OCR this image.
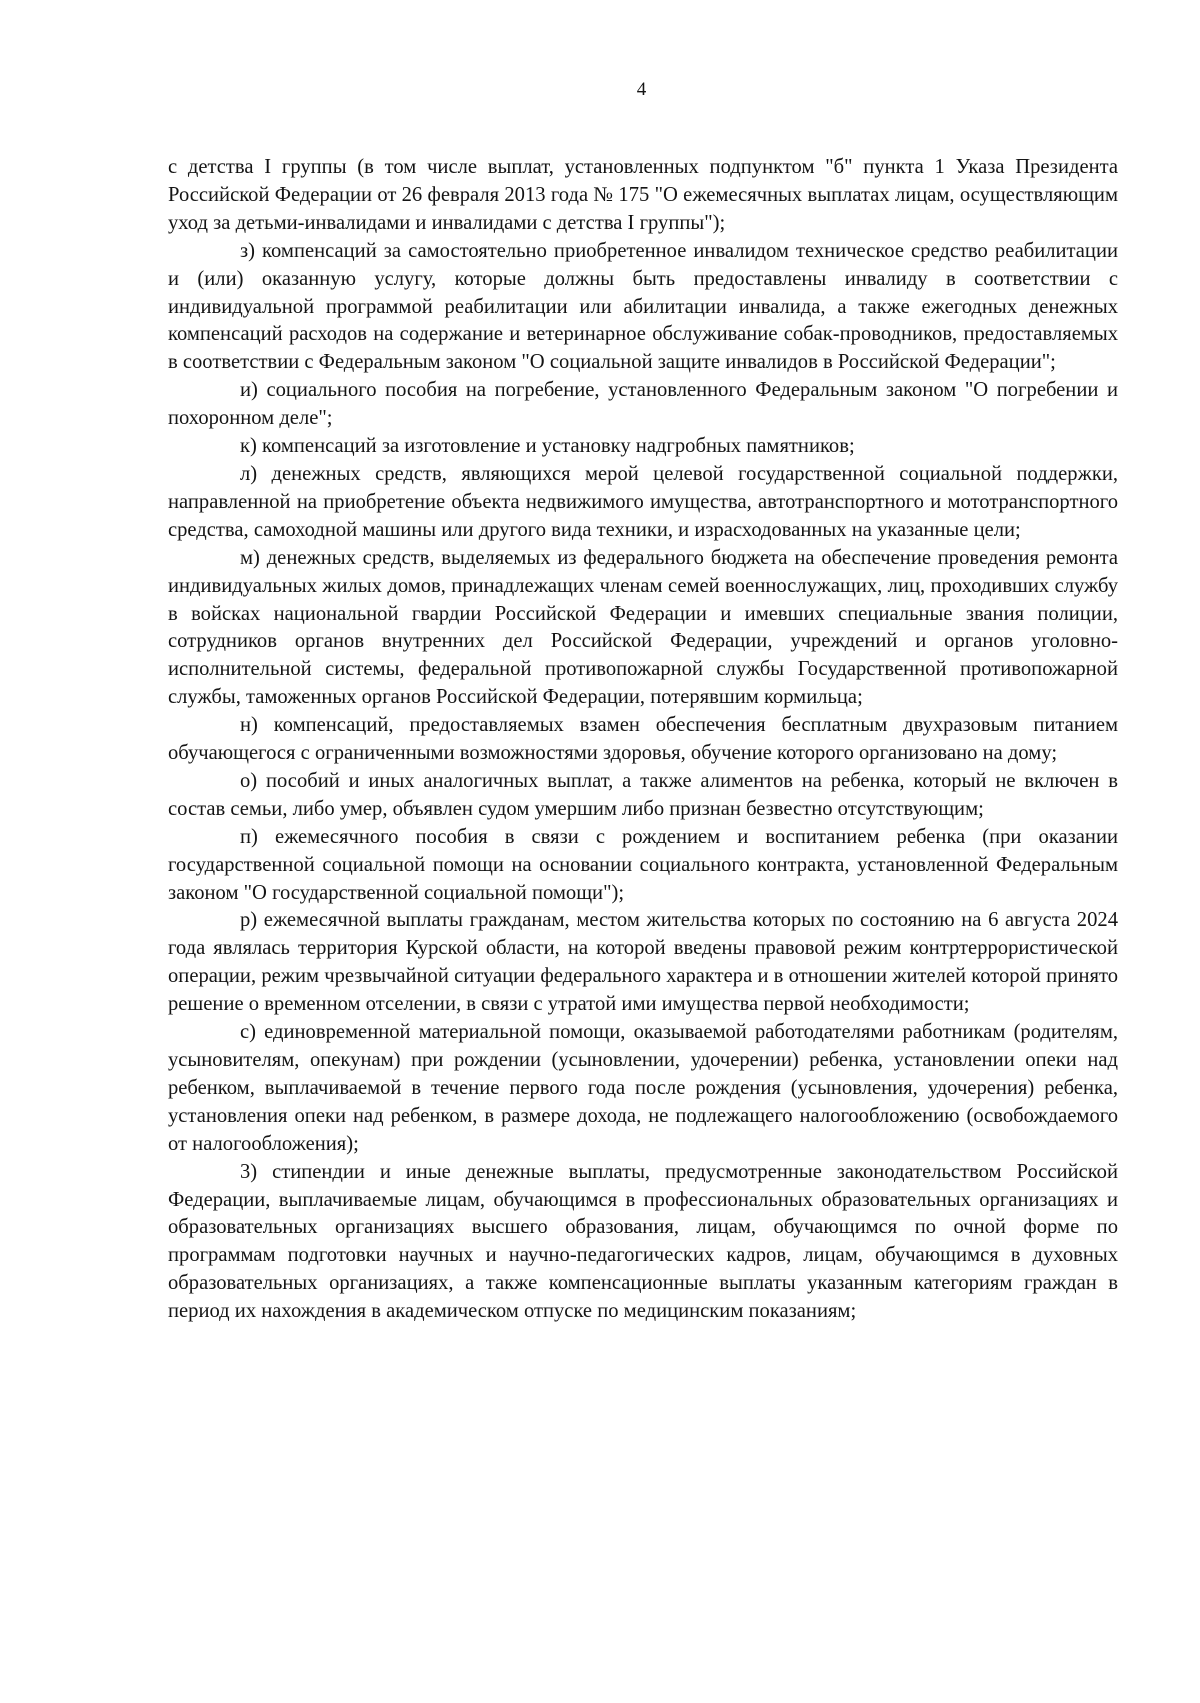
4

с детства I группы (в том числе выплат, установленных подпунктом "б" пункта 1 Указа Президента Российской Федерации от 26 февраля 2013 года № 175 "О ежемесячных выплатах лицам, осуществляющим уход за детьми-инвалидами и инвалидами с детства I группы");

з) компенсаций за самостоятельно приобретенное инвалидом техническое средство реабилитации и (или) оказанную услугу, которые должны быть предоставлены инвалиду в соответствии с индивидуальной программой реабилитации или абилитации инвалида, а также ежегодных денежных компенсаций расходов на содержание и ветеринарное обслуживание собак-проводников, предоставляемых в соответствии с Федеральным законом "О социальной защите инвалидов в Российской Федерации";

и) социального пособия на погребение, установленного Федеральным законом "О погребении и похоронном деле";

к) компенсаций за изготовление и установку надгробных памятников;

л) денежных средств, являющихся мерой целевой государственной социальной поддержки, направленной на приобретение объекта недвижимого имущества, автотранспортного и мототранспортного средства, самоходной машины или другого вида техники, и израсходованных на указанные цели;

м) денежных средств, выделяемых из федерального бюджета на обеспечение проведения ремонта индивидуальных жилых домов, принадлежащих членам семей военнослужащих, лиц, проходивших службу в войсках национальной гвардии Российской Федерации и имевших специальные звания полиции, сотрудников органов внутренних дел Российской Федерации, учреждений и органов уголовно-исполнительной системы, федеральной противопожарной службы Государственной противопожарной службы, таможенных органов Российской Федерации, потерявшим кормильца;

н) компенсаций, предоставляемых взамен обеспечения бесплатным двухразовым питанием обучающегося с ограниченными возможностями здоровья, обучение которого организовано на дому;

о) пособий и иных аналогичных выплат, а также алиментов на ребенка, который не включен в состав семьи, либо умер, объявлен судом умершим либо признан безвестно отсутствующим;

п) ежемесячного пособия в связи с рождением и воспитанием ребенка (при оказании государственной социальной помощи на основании социального контракта, установленной Федеральным законом "О государственной социальной помощи");

р) ежемесячной выплаты гражданам, местом жительства которых по состоянию на 6 августа 2024 года являлась территория Курской области, на которой введены правовой режим контртеррористической операции, режим чрезвычайной ситуации федерального характера и в отношении жителей которой принято решение о временном отселении, в связи с утратой ими имущества первой необходимости;

с) единовременной материальной помощи, оказываемой работодателями работникам (родителям, усыновителям, опекунам) при рождении (усыновлении, удочерении) ребенка, установлении опеки над ребенком, выплачиваемой в течение первого года после рождения (усыновления, удочерения) ребенка, установления опеки над ребенком, в размере дохода, не подлежащего налогообложению (освобождаемого от налогообложения);

3) стипендии и иные денежные выплаты, предусмотренные законодательством Российской Федерации, выплачиваемые лицам, обучающимся в профессиональных образовательных организациях и образовательных организациях высшего образования, лицам, обучающимся по очной форме по программам подготовки научных и научно-педагогических кадров, лицам, обучающимся в духовных образовательных организациях, а также компенсационные выплаты указанным категориям граждан в период их нахождения в академическом отпуске по медицинским показаниям;
